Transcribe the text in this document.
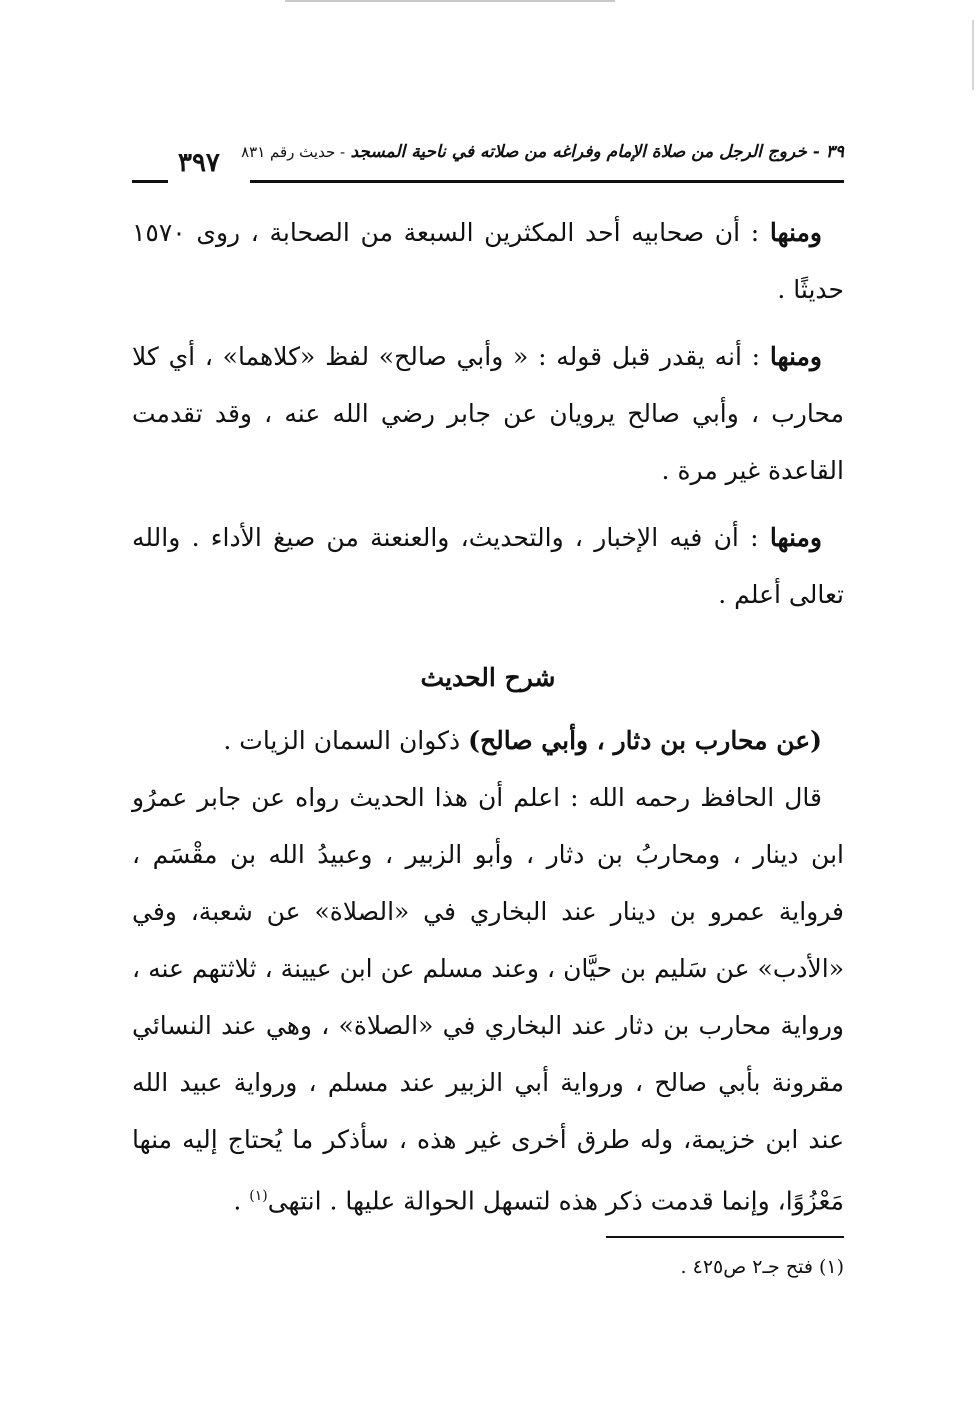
٣٩ - خروج الرجل من صلاة الإمام وفراغه من صلاته في ناحية المسجد - حديث رقم ٨٣١
٣٩٧

ومنها : أن صحابيه أحد المكثرين السبعة من الصحابة ، روى ١٥٧٠ حديثًا .

ومنها : أنه يقدر قبل قوله : « وأبي صالح» لفظ «كلاهما» ، أي كلا محارب ، وأبي صالح يرويان عن جابر رضي الله عنه ، وقد تقدمت القاعدة غير مرة .

ومنها : أن فيه الإخبار ، والتحديث، والعنعنة من صيغ الأداء . والله تعالى أعلم .

شرح الحديث

(عن محارب بن دثار ، وأبي صالح) ذكوان السمان الزيات .

قال الحافظ رحمه الله : اعلم أن هذا الحديث رواه عن جابر عمرُو ابن دينار ، ومحاربُ بن دثار ، وأبو الزبير ، وعبيدُ الله بن مقْسَم ، فرواية عمرو بن دينار عند البخاري في «الصلاة» عن شعبة، وفي «الأدب» عن سَليم بن حيَّان ، وعند مسلم عن ابن عيينة ، ثلاثتهم عنه ، ورواية محارب بن دثار عند البخاري في «الصلاة» ، وهي عند النسائي مقرونة بأبي صالح ، ورواية أبي الزبير عند مسلم ، ورواية عبيد الله عند ابن خزيمة، وله طرق أخرى غير هذه ، سأذكر ما يُحتاج إليه منها مَعْزُوًا، وإنما قدمت ذكر هذه لتسهل الحوالة عليها . انتهى$^{(١)}$ .

(١) فتح جـ٢ ص٤٢٥ .
